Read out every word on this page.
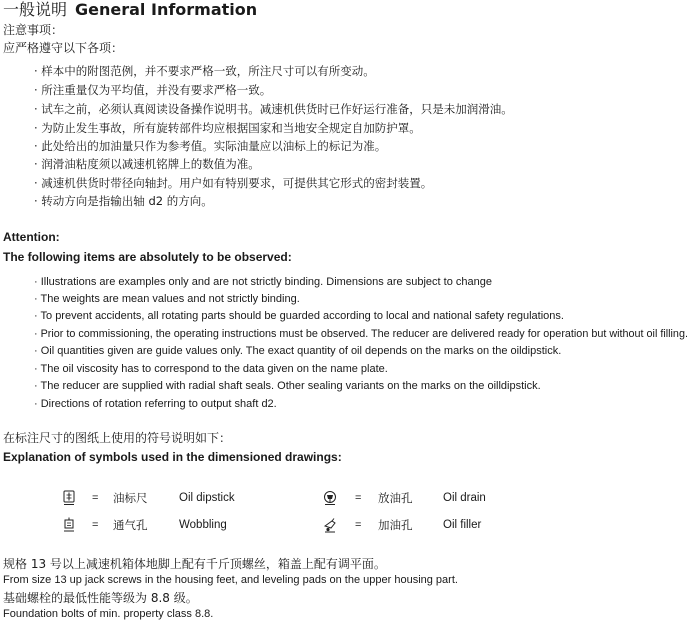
一般说明 General Information
注意事项：
应严格遵守以下各项：
· 样本中的附图范例，并不要求严格一致，所注尺寸可以有所变动。
· 所注重量仅为平均值，并没有要求严格一致。
· 试车之前，必须认真阅读设备操作说明书。减速机供货时已作好运行准备，只是未加润滑油。
· 为防止发生事故，所有旋转部件均应根据国家和当地安全规定自加防护罩。
· 此处给出的加油量只作为参考值。实际油量应以油标上的标记为准。
· 润滑油粘度须以减速机铭牌上的数值为准。
· 减速机供货时带径向轴封。用户如有特别要求，可提供其它形式的密封装置。
· 转动方向是指输出轴 d2 的方向。
Attention:
The following items are absolutely to be observed:
· Illustrations are examples only and are not strictly binding. Dimensions are subject to change
· The weights are mean values and not strictly binding.
· To prevent accidents, all rotating parts should be guarded according to local and national safety regulations.
· Prior to commissioning, the operating instructions must be observed. The reducer are delivered ready for operation but without oil filling.
· Oil quantities given are guide values only. The exact quantity of oil depends on the marks on the oildipstick.
· The oil viscosity has to correspond to the data given on the name plate.
· The reducer are supplied with radial shaft seals. Other sealing variants on the marks on the oilldipstick.
· Directions of rotation referring to output shaft d2.
在标注尺寸的图纸上使用的符号说明如下：
Explanation of symbols used in the dimensioned drawings:
= 油标尺	Oil dipstick	= 放油孔	Oil drain
= 通气孔	Wobbling	= 加油孔	Oil filler
规格 13 号以上减速机箱体地脚上配有千斤顶螺丝，箱盖上配有调平面。
From size 13 up jack screws in the housing feet, and leveling pads on the upper housing part.
基础螺栓的最低性能等级为 8.8 级。
Foundation bolts of min. property class 8.8.
